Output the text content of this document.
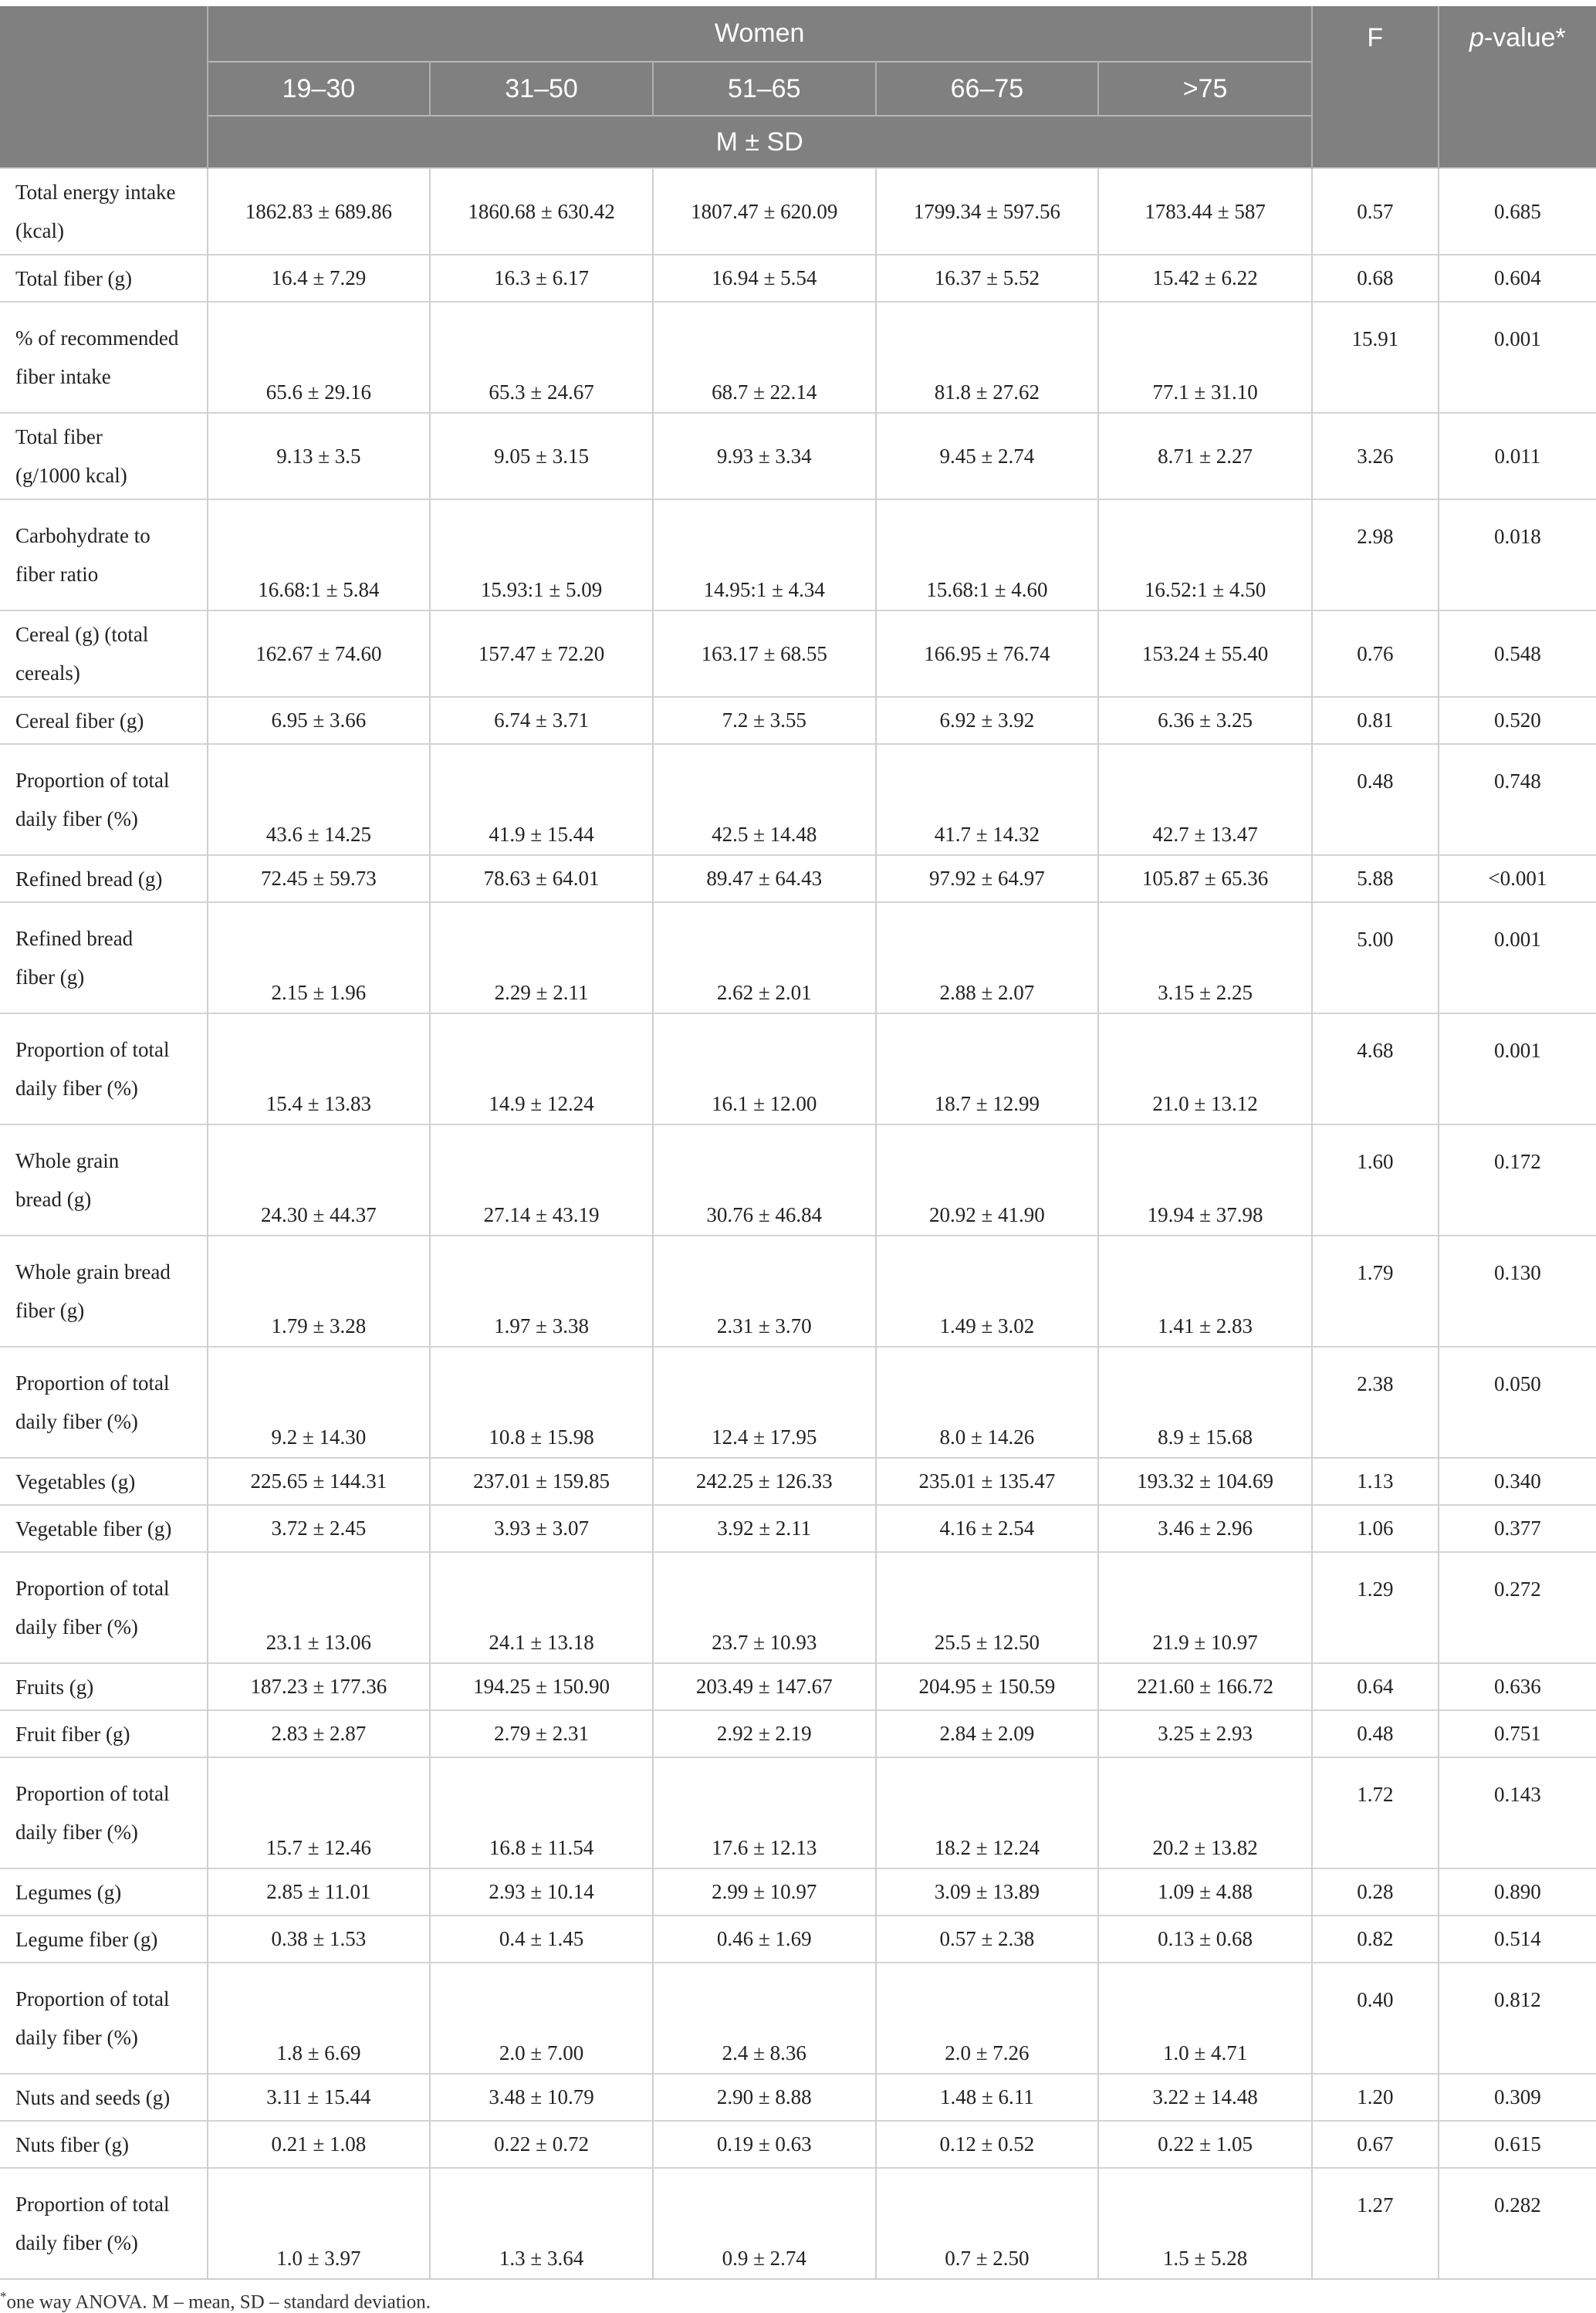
	Women					F	p-value*
	19–30	31–50	51–65	66–75	>75		
	M ± SD						

Total energy intake
(kcal)	1862.83 ± 689.86	1860.68 ± 630.42	1807.47 ± 620.09	1799.34 ± 597.56	1783.44 ± 587	0.57	0.685

Total fiber (g)	16.4 ± 7.29	16.3 ± 6.17	16.94 ± 5.54	16.37 ± 5.52	15.42 ± 6.22	0.68	0.604

% of recommended
fiber intake	65.6 ± 29.16	65.3 ± 24.67	68.7 ± 22.14	81.8 ± 27.62	77.1 ± 31.10	15.91	0.001

Total fiber
(g/1000 kcal)	9.13 ± 3.5	9.05 ± 3.15	9.93 ± 3.34	9.45 ± 2.74	8.71 ± 2.27	3.26	0.011

Carbohydrate to
fiber ratio	16.68:1 ± 5.84	15.93:1 ± 5.09	14.95:1 ± 4.34	15.68:1 ± 4.60	16.52:1 ± 4.50	2.98	0.018

Cereal (g) (total
cereals)	162.67 ± 74.60	157.47 ± 72.20	163.17 ± 68.55	166.95 ± 76.74	153.24 ± 55.40	0.76	0.548

Cereal fiber (g)	6.95 ± 3.66	6.74 ± 3.71	7.2 ± 3.55	6.92 ± 3.92	6.36 ± 3.25	0.81	0.520

Proportion of total
daily fiber (%)	43.6 ± 14.25	41.9 ± 15.44	42.5 ± 14.48	41.7 ± 14.32	42.7 ± 13.47	0.48	0.748

Refined bread (g)	72.45 ± 59.73	78.63 ± 64.01	89.47 ± 64.43	97.92 ± 64.97	105.87 ± 65.36	5.88	<0.001

Refined bread
fiber (g)	2.15 ± 1.96	2.29 ± 2.11	2.62 ± 2.01	2.88 ± 2.07	3.15 ± 2.25	5.00	0.001

Proportion of total
daily fiber (%)	15.4 ± 13.83	14.9 ± 12.24	16.1 ± 12.00	18.7 ± 12.99	21.0 ± 13.12	4.68	0.001

Whole grain
bread (g)	24.30 ± 44.37	27.14 ± 43.19	30.76 ± 46.84	20.92 ± 41.90	19.94 ± 37.98	1.60	0.172

Whole grain bread
fiber (g)	1.79 ± 3.28	1.97 ± 3.38	2.31 ± 3.70	1.49 ± 3.02	1.41 ± 2.83	1.79	0.130

Proportion of total
daily fiber (%)	9.2 ± 14.30	10.8 ± 15.98	12.4 ± 17.95	8.0 ± 14.26	8.9 ± 15.68	2.38	0.050

Vegetables (g)	225.65 ± 144.31	237.01 ± 159.85	242.25 ± 126.33	235.01 ± 135.47	193.32 ± 104.69	1.13	0.340

Vegetable fiber (g)	3.72 ± 2.45	3.93 ± 3.07	3.92 ± 2.11	4.16 ± 2.54	3.46 ± 2.96	1.06	0.377

Proportion of total
daily fiber (%)	23.1 ± 13.06	24.1 ± 13.18	23.7 ± 10.93	25.5 ± 12.50	21.9 ± 10.97	1.29	0.272

Fruits (g)	187.23 ± 177.36	194.25 ± 150.90	203.49 ± 147.67	204.95 ± 150.59	221.60 ± 166.72	0.64	0.636

Fruit fiber (g)	2.83 ± 2.87	2.79 ± 2.31	2.92 ± 2.19	2.84 ± 2.09	3.25 ± 2.93	0.48	0.751

Proportion of total
daily fiber (%)	15.7 ± 12.46	16.8 ± 11.54	17.6 ± 12.13	18.2 ± 12.24	20.2 ± 13.82	1.72	0.143

Legumes (g)	2.85 ± 11.01	2.93 ± 10.14	2.99 ± 10.97	3.09 ± 13.89	1.09 ± 4.88	0.28	0.890

Legume fiber (g)	0.38 ± 1.53	0.4 ± 1.45	0.46 ± 1.69	0.57 ± 2.38	0.13 ± 0.68	0.82	0.514

Proportion of total
daily fiber (%)	1.8 ± 6.69	2.0 ± 7.00	2.4 ± 8.36	2.0 ± 7.26	1.0 ± 4.71	0.40	0.812

Nuts and seeds (g)	3.11 ± 15.44	3.48 ± 10.79	2.90 ± 8.88	1.48 ± 6.11	3.22 ± 14.48	1.20	0.309

Nuts fiber (g)	0.21 ± 1.08	0.22 ± 0.72	0.19 ± 0.63	0.12 ± 0.52	0.22 ± 1.05	0.67	0.615

Proportion of total
daily fiber (%)	1.0 ± 3.97	1.3 ± 3.64	0.9 ± 2.74	0.7 ± 2.50	1.5 ± 5.28	1.27	0.282
*one way ANOVA. M – mean, SD – standard deviation.
